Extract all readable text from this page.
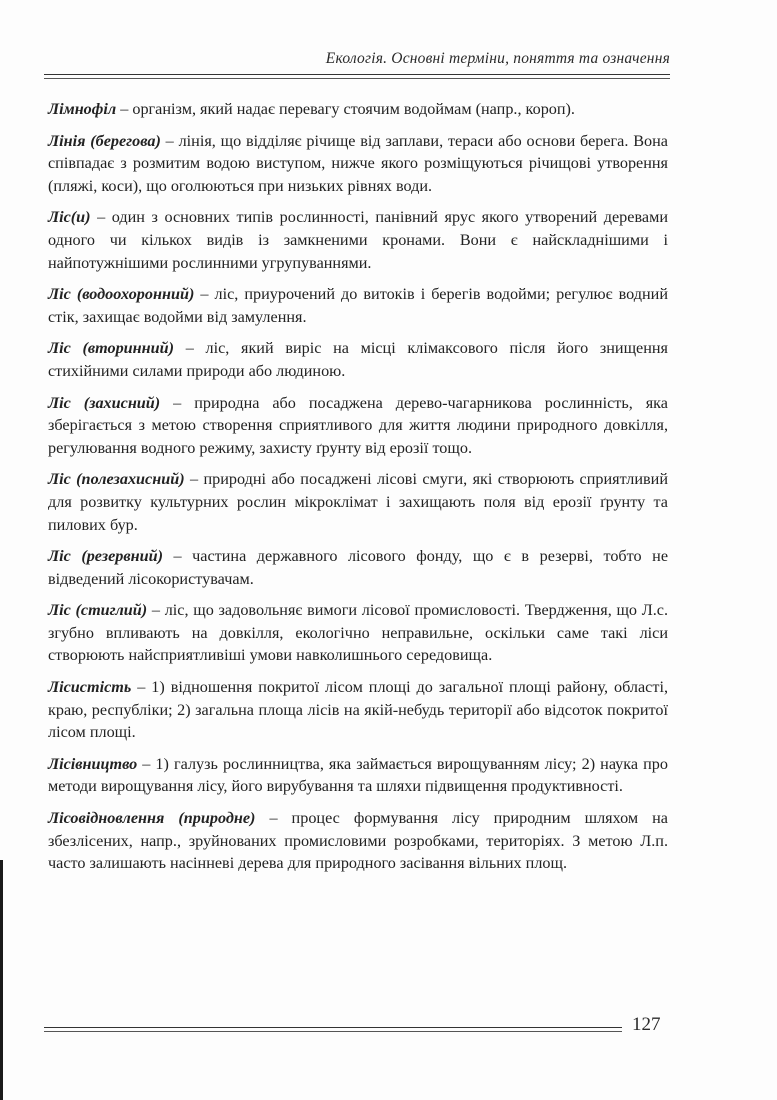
Екологія. Основні терміни, поняття та означення

Лімнофіл – організм, який надає перевагу стоячим водоймам (напр., короп).

Лінія (берегова) – лінія, що відділяє річище від заплави, тераси або основи берега. Вона співпадає з розмитим водою виступом, нижче якого розміщуються річищові утворення (пляжі, коси), що оголюються при низьких рівнях води.

Ліс(и) – один з основних типів рослинності, панівний ярус якого утворений деревами одного чи кількох видів із замкненими кронами. Вони є найскладнішими і найпотужнішими рослинними угрупуваннями.

Ліс (водоохоронний) – ліс, приурочений до витоків і берегів водойми; регулює водний стік, захищає водойми від замулення.

Ліс (вторинний) – ліс, який виріс на місці клімаксового після його знищення стихійними силами природи або людиною.

Ліс (захисний) – природна або посаджена дерево-чагарникова рослинність, яка зберігається з метою створення сприятливого для життя людини природного довкілля, регулювання водного режиму, захисту ґрунту від ерозії тощо.

Ліс (полезахисний) – природні або посаджені лісові смуги, які створюють сприятливий для розвитку культурних рослин мікроклімат і захищають поля від ерозії ґрунту та пилових бур.

Ліс (резервний) – частина державного лісового фонду, що є в резерві, тобто не відведений лісокористувачам.

Ліс (стиглий) – ліс, що задовольняє вимоги лісової промисловості. Твердження, що Л.с. згубно впливають на довкілля, екологічно неправильне, оскільки саме такі ліси створюють найсприятливіші умови навколишнього середовища.

Лісистість – 1) відношення покритої лісом площі до загальної площі району, області, краю, республіки; 2) загальна площа лісів на якій-небудь території або відсоток покритої лісом площі.

Лісівництво – 1) галузь рослинництва, яка займається вирощуванням лісу; 2) наука про методи вирощування лісу, його вирубування та шляхи підвищення продуктивності.

Лісовідновлення (природне) – процес формування лісу природним шляхом на збезлісених, напр., зруйнованих промисловими розробками, територіях. З метою Л.п. часто залишають насінневі дерева для природного засівання вільних площ.

127
